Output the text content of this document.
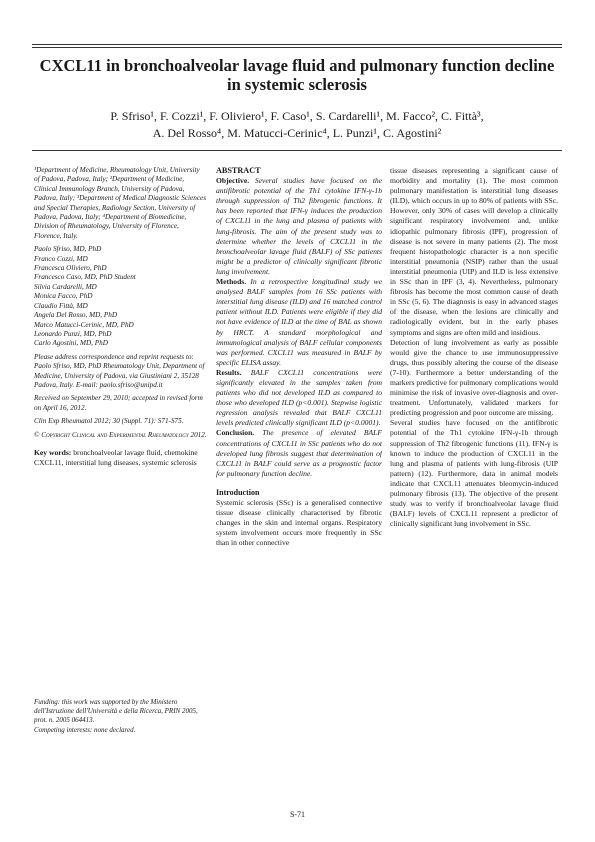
CXCL11 in bronchoalveolar lavage fluid and pulmonary function decline in systemic sclerosis
P. Sfriso¹, F. Cozzi¹, F. Oliviero¹, F. Caso¹, S. Cardarelli¹, M. Facco², C. Fittà³,
A. Del Rosso⁴, M. Matucci-Cerinic⁴, L. Punzi¹, C. Agostini²
¹Department of Medicine, Rheumatology Unit, University of Padova, Padova, Italy; ²Department of Medicine, Clinical Immunology Branch, University of Padova, Padova, Italy; ³Department of Medical Diagnostic Sciences and Special Therapies, Radiology Section, University of Padova, Padova, Italy; ⁴Department of Biomedicine, Division of Rheumatology, University of Florence, Florence, Italy.
Paolo Sfriso, MD, PhD
Franco Cozzi, MD
Francesca Oliviero, PhD
Francesco Caso, MD, PhD Student
Silvia Cardarelli, MD
Monica Facco, PhD
Claudio Fittà, MD
Angela Del Rosso, MD, PhD
Marco Matucci-Cerinic, MD, PhD
Leonardo Punzi, MD, PhD
Carlo Agostini, MD, PhD
Please address correspondence and reprint requests to: Paolo Sfriso, MD, PhD Rheumatology Unit, Department of Medicine, University of Padova, via Giustiniani 2, 35128 Padova, Italy. E-mail: paolo.sfriso@unipd.it
Received on September 29, 2010; accepted in revised form on April 16, 2012.
Clin Exp Rheumatol 2012; 30 (Suppl. 71): S71-S75.
© Copyright Clinical and Experimental Rheumatology 2012.
Key words: bronchoalveolar lavage fluid, chemokine CXCL11, interstitial lung diseases, systemic sclerosis
Funding: this work was supported by the Ministero dell'Istruzione dell'Università e della Ricerca, PRIN 2005, prot. n. 2005 064413.
Competing interests: none declared.
ABSTRACT

Objective. Several studies have focused on the antifibrotic potential of the Th1 cytokine IFN-γ-1b through suppression of Th2 fibrogenic functions. It has been reported that IFN-γ induces the production of CXCL11 in the lung and plasma of patients with lung-fibrosis. The aim of the present study was to determine whether the levels of CXCL11 in the bronchoalveolar lavage fluid (BALF) of SSc patients might be a predictor of clinically significant fibrotic lung involvement.

Methods. In a retrospective longitudinal study we analysed BALF samples from 16 SSc patients with interstitial lung disease (ILD) and 16 matched control patient without ILD. Patients were eligible if they did not have evidence of ILD at the time of BAL as shown by HRCT. A standard morphological and immunological analysis of BALF cellular components was performed. CXCL11 was measured in BALF by specific ELISA assay.

Results. BALF CXCL11 concentrations were significantly elevated in the samples taken from patients who did not developed ILD as compared to those who developed ILD (p<0.001). Stepwise logistic regression analysis revealed that BALF CXCL11 levels predicted clinically significant ILD (p<0.0001).

Conclusion. The presence of elevated BALF concentrations of CXCL11 in SSc patients who do not developed lung fibrosis suggest that determination of CXCL11 in BALF could serve as a prognostic factor for pulmonary function decline.

Introduction

Systemic sclerosis (SSc) is a generalised connective tissue disease clinically characterised by fibrotic changes in the skin and internal organs. Respiratory system involvement occurs more frequently in SSc than in other connective

tissue diseases representing a significant cause of morbidity and mortality (1). The most common pulmonary manifestation is interstitial lung diseases (ILD), which occurs in up to 80% of patients with SSc. However, only 30% of cases will develop a clinically significant respiratory involvement and, unlike idiopathic pulmonary fibrosis (IPF), progression of disease is not severe in many patients (2). The most frequent histopathologic character is a non specific interstitial pneumonia (NSIP) rather than the usual interstitial pneumonia (UIP) and ILD is less extensive in SSc than in IPF (3, 4). Nevertheless, pulmonary fibrosis has become the most common cause of death in SSc (5, 6). The diagnosis is easy in advanced stages of the disease, when the lesions are clinically and radiologically evident, but in the early phases symptoms and signs are often mild and insidious.

Detection of lung involvement as early as possible would give the chance to use immunosuppressive drugs, thus possibly altering the course of the disease (7-10). Furthermore a better understanding of the markers predictive for pulmonary complications would minimise the risk of invasive over-diagnosis and over-treatment. Unfortunately, validated markers for predicting progression and poor outcome are missing.

Several studies have focused on the antifibrotic potential of the Th1 cytokine IFN-γ-1b through suppression of Th2 fibrogenic functions (11). IFN-γ is known to induce the production of CXCL11 in the lung and plasma of patients with lung-fibrosis (UIP pattern) (12). Furthermore, data in animal models indicate that CXCL11 attenuates bleomycin-induced pulmonary fibrosis (13). The objective of the present study was to verify if bronchoalveolar lavage fluid (BALF) levels of CXCL11 represent a predictor of clinically significant lung involvement in SSc.

S-71
